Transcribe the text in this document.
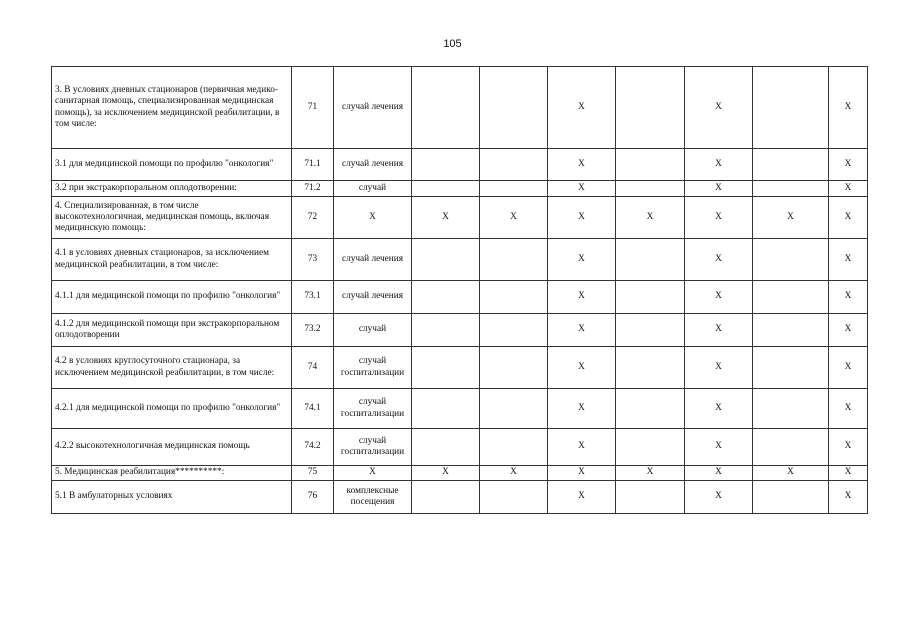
105
3. В условиях дневных стационаров (первичная медико-санитарная помощь, специализированная медицинская помощь), за исключением медицинской реабилитации, в том числе:	71	случай лечения			X		X		X
3.1 для медицинской помощи по профилю "онкология"	71.1	случай лечения			X		X		X
3.2 при экстракорпоральном оплодотворении:	71.2	случай			X		X		X
4. Специализированная, в том числе высокотехнологичная, медицинская помощь, включая медицинскую помощь:	72	X	X	X	X	X	X	X	X
4.1 в условиях дневных стационаров, за исключением медицинской реабилитации, в том числе:	73	случай лечения			X		X		X
4.1.1 для медицинской помощи по профилю "онкология"	73.1	случай лечения			X		X		X
4.1.2 для медицинской помощи при экстракорпоральном оплодотворении	73.2	случай			X		X		X
4.2 в условиях круглосуточного стационара, за исключением медицинской реабилитации, в том числе:	74	случай госпитализации			X		X		X
4.2.1 для медицинской помощи по профилю "онкология"	74.1	случай госпитализации			X		X		X
4.2.2 высокотехнологичная медицинская помощь	74.2	случай госпитализации			X		X		X
5. Медицинская реабилитация**********:	75	X	X	X	X	X	X	X	X
5.1 В амбулаторных условиях	76	комплексные посещения			X		X		X
